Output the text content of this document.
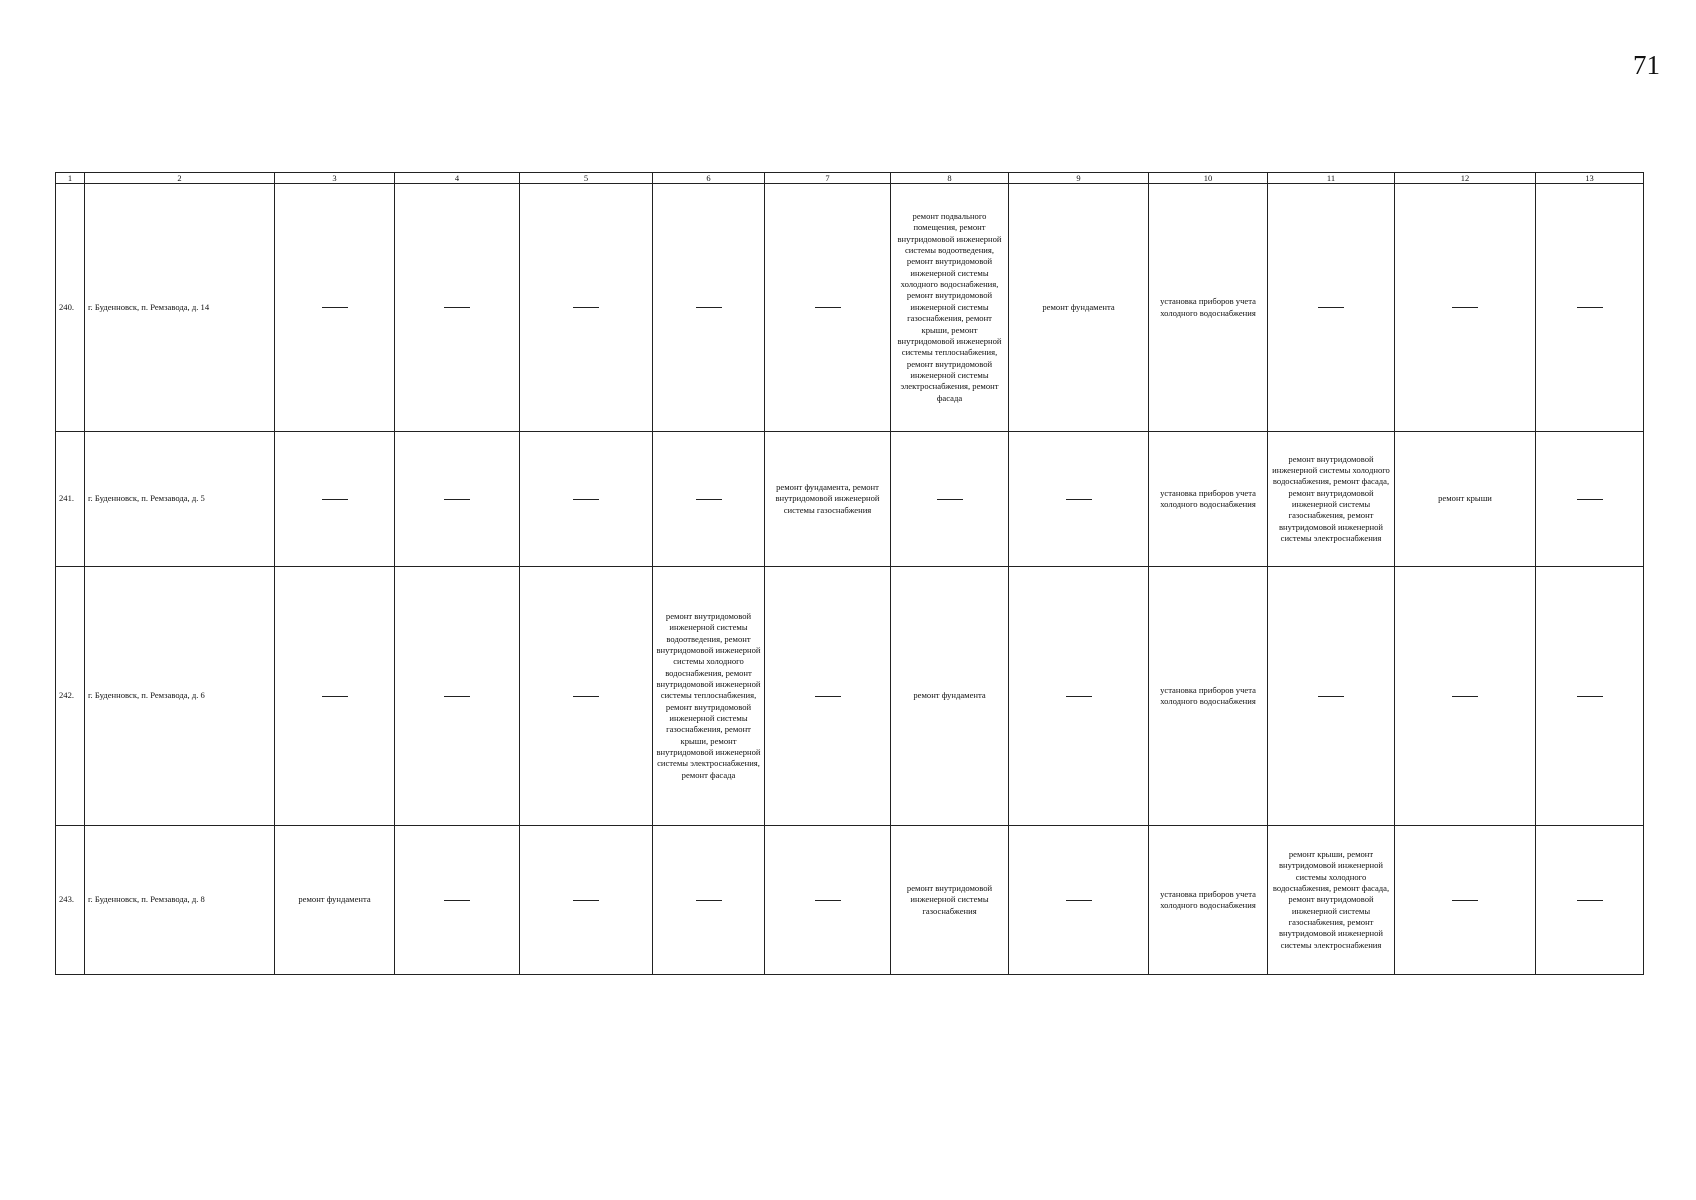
71
1	2	3	4	5	6	7	8	9	10	11	12	13
240.	г. Буденновск, п. Ремзавода, д. 14						ремонт подвального помещения, ремонт внутридомовой инженерной системы водоотведения, ремонт внутридомовой инженерной системы холодного водоснабжения, ремонт внутридомовой инженерной системы газоснабжения, ремонт крыши, ремонт внутридомовой инженерной системы теплоснабжения, ремонт внутридомовой инженерной системы электроснабжения, ремонт фасада	ремонт фундамента	установка приборов учета холодного водоснабжения			
241.	г. Буденновск, п. Ремзавода, д. 5					ремонт фундамента, ремонт внутридомовой инженерной системы газоснабжения			установка приборов учета холодного водоснабжения	ремонт внутридомовой инженерной системы холодного водоснабжения, ремонт фасада, ремонт внутридомовой инженерной системы газоснабжения, ремонт внутридомовой инженерной системы электроснабжения	ремонт крыши	
242.	г. Буденновск, п. Ремзавода, д. 6				ремонт внутридомовой инженерной системы водоотведения, ремонт внутридомовой инженерной системы холодного водоснабжения, ремонт внутридомовой инженерной системы теплоснабжения, ремонт внутридомовой инженерной системы газоснабжения, ремонт крыши, ремонт внутридомовой инженерной системы электроснабжения, ремонт фасада		ремонт фундамента		установка приборов учета холодного водоснабжения			
243.	г. Буденновск, п. Ремзавода, д. 8	ремонт фундамента					ремонт внутридомовой инженерной системы газоснабжения		установка приборов учета холодного водоснабжения	ремонт крыши, ремонт внутридомовой инженерной системы холодного водоснабжения, ремонт фасада, ремонт внутридомовой инженерной системы газоснабжения, ремонт внутридомовой инженерной системы электроснабжения		
